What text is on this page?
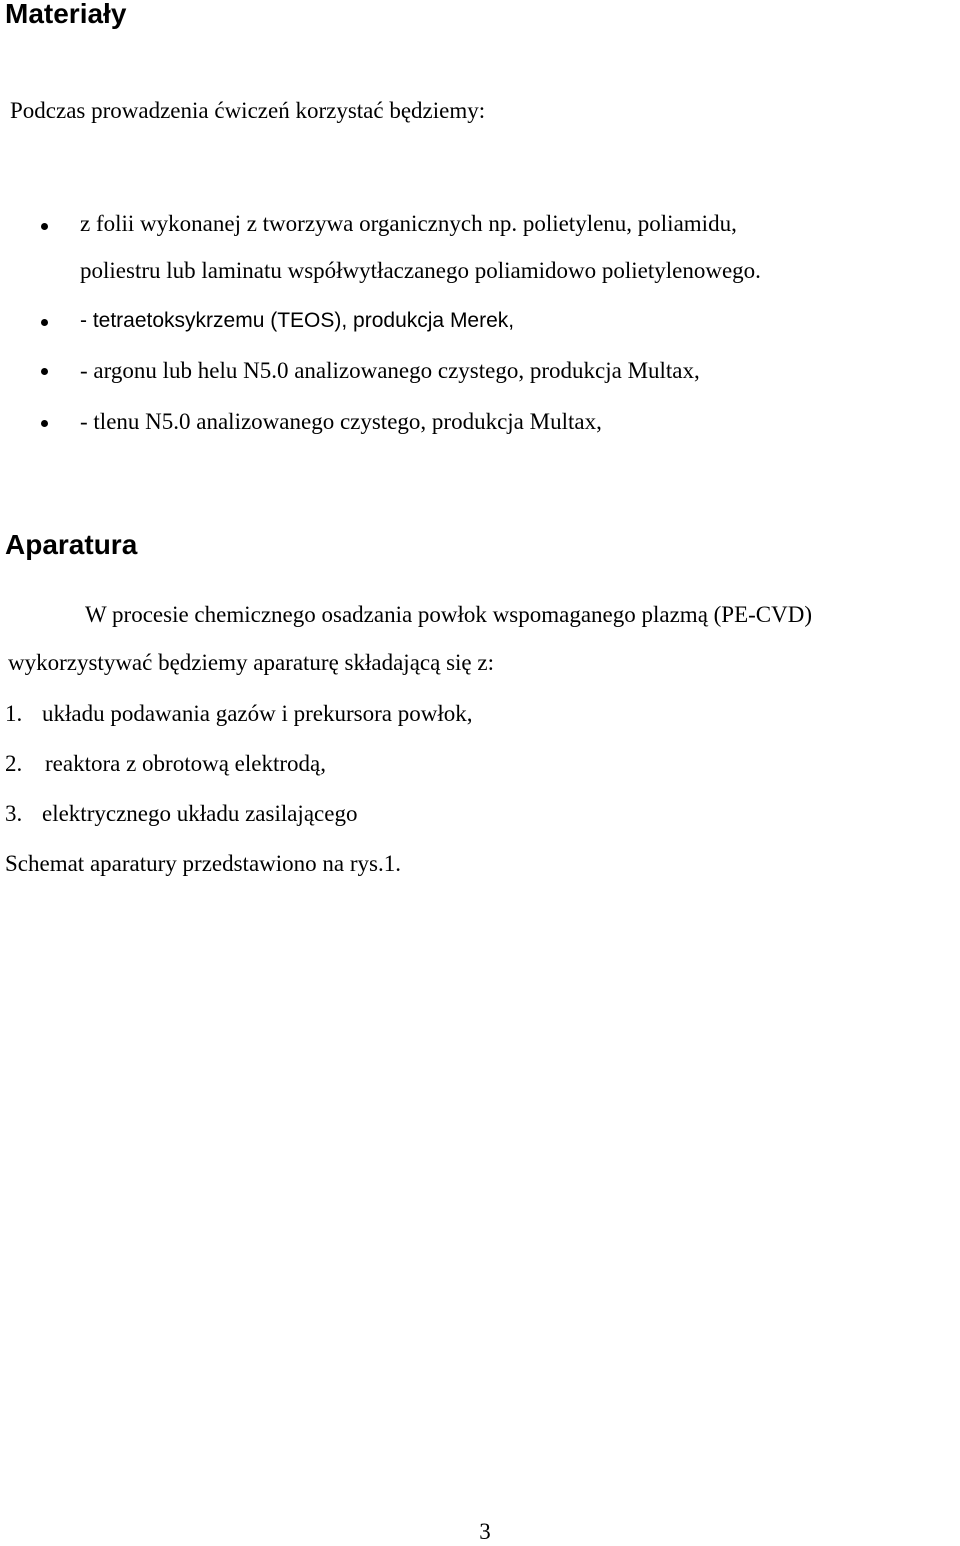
Materiały
Podczas prowadzenia ćwiczeń korzystać będziemy:
z folii wykonanej z tworzywa organicznych np. polietylenu, poliamidu,
poliestru lub laminatu współwytłaczanego poliamidowo polietylenowego.
- tetraetoksykrzemu (TEOS), produkcja Merek,
- argonu lub helu N5.0 analizowanego czystego, produkcja Multax,
- tlenu N5.0 analizowanego czystego, produkcja Multax,
Aparatura
W procesie chemicznego osadzania powłok wspomaganego plazmą (PE-CVD)
wykorzystywać będziemy aparaturę składającą się z:
1. układu podawania gazów i prekursora powłok,
2. reaktora z obrotową elektrodą,
3. elektrycznego układu zasilającego
Schemat aparatury przedstawiono na rys.1.
3
